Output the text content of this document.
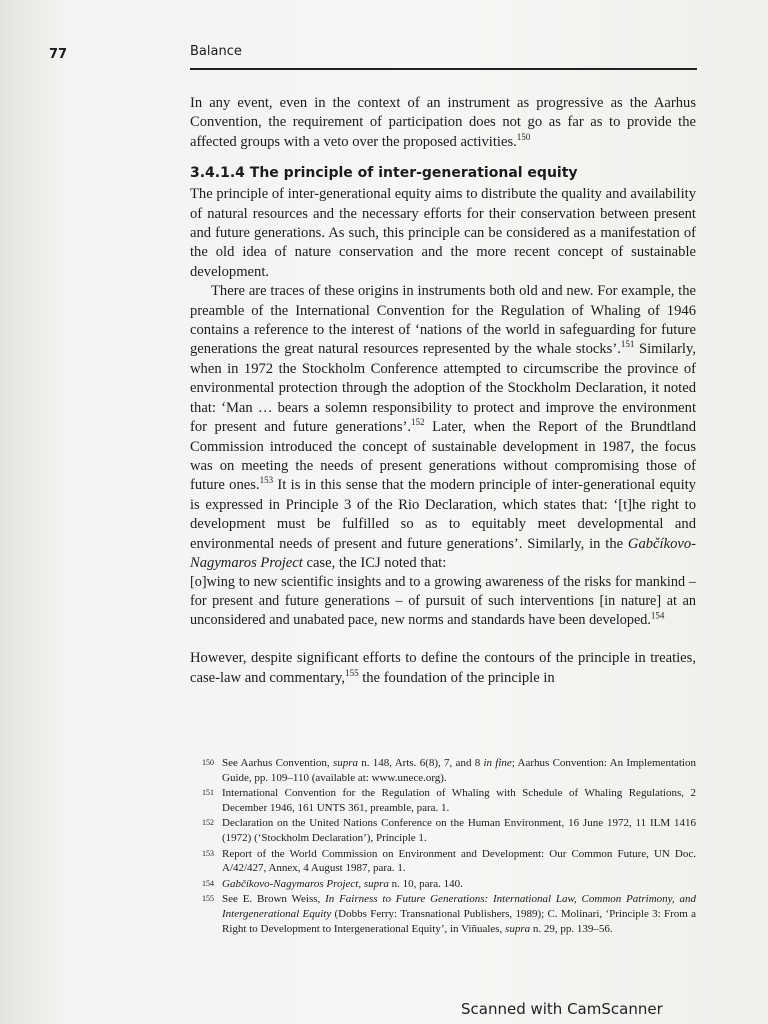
77	Balance

In any event, even in the context of an instrument as progressive as the Aarhus Convention, the requirement of participation does not go as far as to provide the affected groups with a veto over the proposed activities.$^{150}$

3.4.1.4 The principle of inter-generational equity

The principle of inter-generational equity aims to distribute the quality and availability of natural resources and the necessary efforts for their conservation between present and future generations. As such, this principle can be considered as a manifestation of the old idea of nature conservation and the more recent concept of sustainable development.

There are traces of these origins in instruments both old and new. For example, the preamble of the International Convention for the Regulation of Whaling of 1946 contains a reference to the interest of ‘nations of the world in safeguarding for future generations the great natural resources represented by the whale stocks’.$^{151}$ Similarly, when in 1972 the Stockholm Conference attempted to circumscribe the province of environmental protection through the adoption of the Stockholm Declaration, it noted that: ‘Man … bears a solemn responsibility to protect and improve the environment for present and future generations’.$^{152}$ Later, when the Report of the Brundtland Commission introduced the concept of sustainable development in 1987, the focus was on meeting the needs of present generations without compromising those of future ones.$^{153}$ It is in this sense that the modern principle of inter-generational equity is expressed in Principle 3 of the Rio Declaration, which states that: ‘[t]he right to development must be fulfilled so as to equitably meet developmental and environmental needs of present and future generations’. Similarly, in the Gabčíkovo-Nagymaros Project case, the ICJ noted that:

[o]wing to new scientific insights and to a growing awareness of the risks for mankind – for present and future generations – of pursuit of such interventions [in nature] at an unconsidered and unabated pace, new norms and standards have been developed.$^{154}$

However, despite significant efforts to define the contours of the principle in treaties, case-law and commentary,$^{155}$ the foundation of the principle in

150 See Aarhus Convention, supra n. 148, Arts. 6(8), 7, and 8 in fine; Aarhus Convention: An Implementation Guide, pp. 109–110 (available at: www.unece.org).
151 International Convention for the Regulation of Whaling with Schedule of Whaling Regulations, 2 December 1946, 161 UNTS 361, preamble, para. 1.
152 Declaration on the United Nations Conference on the Human Environment, 16 June 1972, 11 ILM 1416 (1972) (‘Stockholm Declaration’), Principle 1.
153 Report of the World Commission on Environment and Development: Our Common Future, UN Doc. A/42/427, Annex, 4 August 1987, para. 1.
154 Gabčíkovo-Nagymaros Project, supra n. 10, para. 140.
155 See E. Brown Weiss, In Fairness to Future Generations: International Law, Common Patrimony, and Intergenerational Equity (Dobbs Ferry: Transnational Publishers, 1989); C. Molinari, ‘Principle 3: From a Right to Development to Intergenerational Equity’, in Viñuales, supra n. 29, pp. 139–56.
Scanned with CamScanner
